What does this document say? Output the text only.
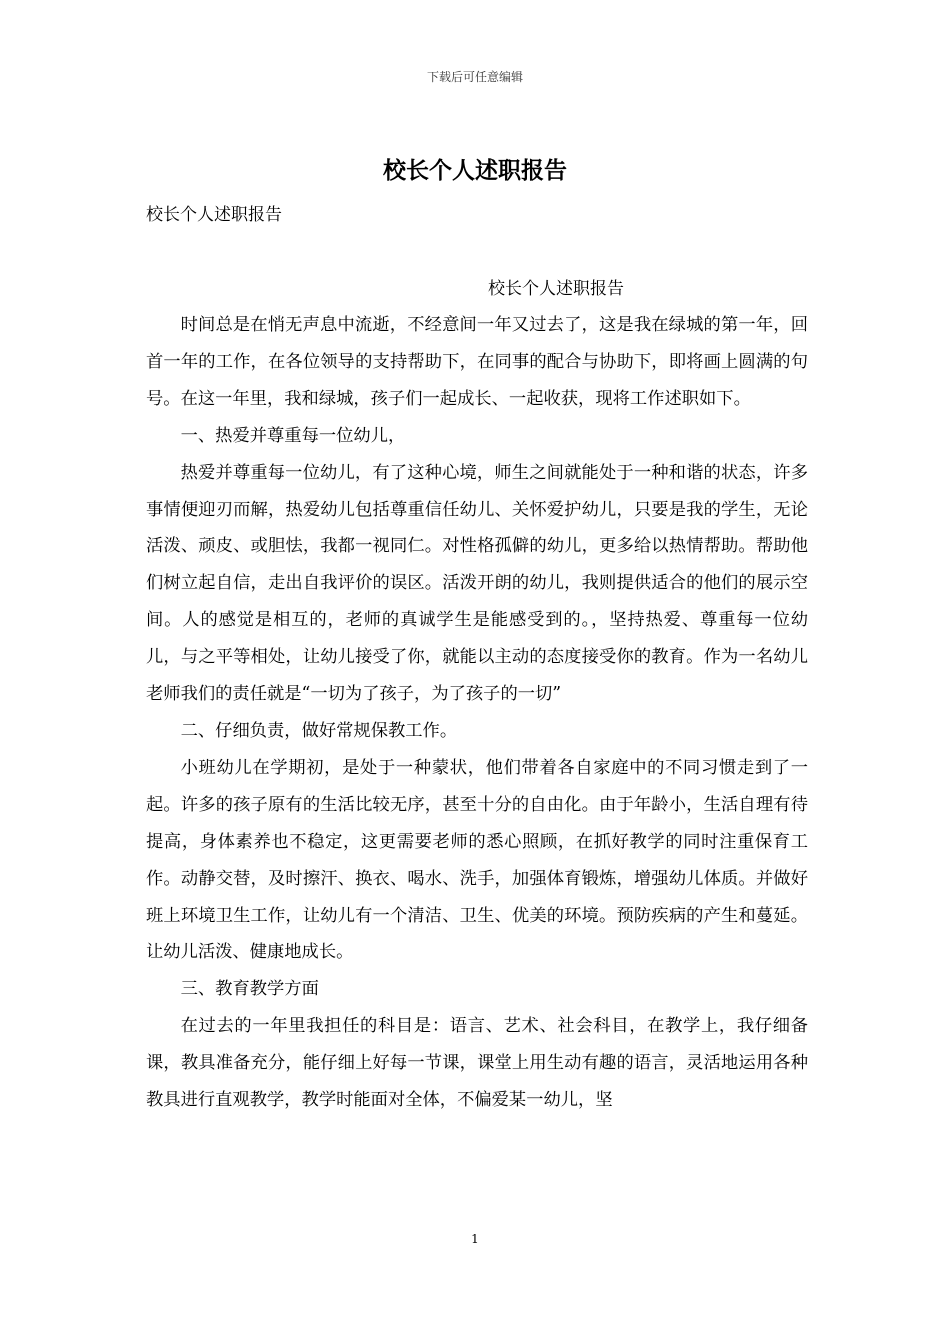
下载后可任意编辑
校长个人述职报告
校长个人述职报告
校长个人述职报告

时间总是在悄无声息中流逝，不经意间一年又过去了，这是我在绿城的第一年，回首一年的工作，在各位领导的支持帮助下，在同事的配合与协助下，即将画上圆满的句号。在这一年里，我和绿城，孩子们一起成长、一起收获，现将工作述职如下。

一、热爱并尊重每一位幼儿，

热爱并尊重每一位幼儿，有了这种心境，师生之间就能处于一种和谐的状态，许多事情便迎刃而解，热爱幼儿包括尊重信任幼儿、关怀爱护幼儿，只要是我的学生，无论活泼、顽皮、或胆怯，我都一视同仁。对性格孤僻的幼儿，更多给以热情帮助。帮助他们树立起自信，走出自我评价的误区。活泼开朗的幼儿，我则提供适合的他们的展示空间。人的感觉是相互的，老师的真诚学生是能感受到的。，坚持热爱、尊重每一位幼儿，与之平等相处，让幼儿接受了你，就能以主动的态度接受你的教育。作为一名幼儿老师我们的责任就是“一切为了孩子，为了孩子的一切”

二、仔细负责，做好常规保教工作。

小班幼儿在学期初，是处于一种蒙状，他们带着各自家庭中的不同习惯走到了一起。许多的孩子原有的生活比较无序，甚至十分的自由化。由于年龄小，生活自理有待提高，身体素养也不稳定，这更需要老师的悉心照顾，在抓好教学的同时注重保育工作。动静交替，及时擦汗、换衣、喝水、洗手，加强体育锻炼，增强幼儿体质。并做好班上环境卫生工作，让幼儿有一个清洁、卫生、优美的环境。预防疾病的产生和蔓延。让幼儿活泼、健康地成长。

三、教育教学方面

在过去的一年里我担任的科目是：语言、艺术、社会科目，在教学上，我仔细备课，教具准备充分，能仔细上好每一节课，课堂上用生动有趣的语言，灵活地运用各种教具进行直观教学，教学时能面对全体，不偏爱某一幼儿，坚

1
